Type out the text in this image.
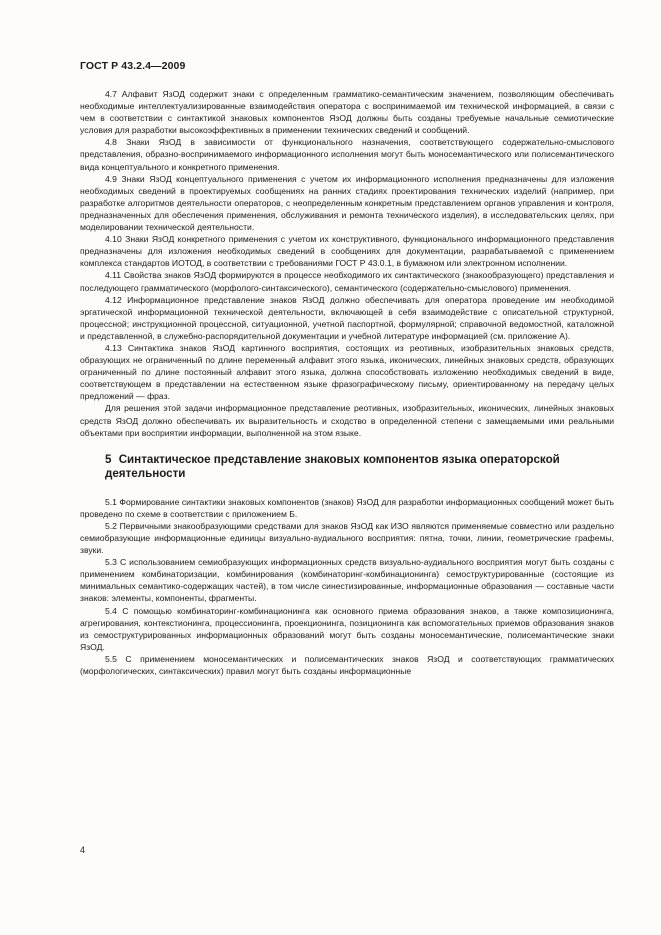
ГОСТ Р 43.2.4—2009

4.7 Алфавит ЯзОД содержит знаки с определенным грамматико-семантическим значением, позволяющим обеспечивать необходимые интеллектуализированные взаимодействия оператора с воспринимаемой им технической информацией, в связи с чем в соответствии с синтактикой знаковых компонентов ЯзОД должны быть созданы требуемые начальные семиотические условия для разработки высокоэффективных в применении технических сведений и сообщений.

4.8 Знаки ЯзОД в зависимости от функционального назначения, соответствующего содержательно-смыслового представления, образно-воспринимаемого информационного исполнения могут быть моносемантического или полисемантического вида концептуального и конкретного применения.

4.9 Знаки ЯзОД концептуального применения с учетом их информационного исполнения предназначены для изложения необходимых сведений в проектируемых сообщениях на ранних стадиях проектирования технических изделий (например, при разработке алгоритмов деятельности операторов, с неопределенным конкретным представлением органов управления и контроля, предназначенных для обеспечения применения, обслуживания и ремонта технического изделия), в исследовательских целях, при моделировании технической деятельности.

4.10 Знаки ЯзОД конкретного применения с учетом их конструктивного, функционального информационного представления предназначены для изложения необходимых сведений в сообщениях для документации, разрабатываемой с применением комплекса стандартов ИОТОД, в соответствии с требованиями ГОСТ Р 43.0.1, в бумажном или электронном исполнении.

4.11 Свойства знаков ЯзОД формируются в процессе необходимого их синтактического (знакообразующего) представления и последующего грамматического (морфолого-синтаксического), семантического (содержательно-смыслового) применения.

4.12 Информационное представление знаков ЯзОД должно обеспечивать для оператора проведение им необходимой эргатической информационной технической деятельности, включающей в себя взаимодействие с описательной структурной, процессной; инструкционной процессной, ситуационной, учетной паспортной, формулярной; справочной ведомостной, каталожной и представленной, в служебно-распорядительной документации и учебной литературе информацией (см. приложение А).

4.13 Синтактика знаков ЯзОД картинного восприятия, состоящих из реотивных, изобразительных знаковых средств, образующих не ограниченный по длине переменный алфавит этого языка, иконических, линейных знаковых средств, образующих ограниченный по длине постоянный алфавит этого языка, должна способствовать изложению необходимых сведений в виде, соответствующем в представлении на естественном языке фразографическому письму, ориентированному на передачу целых предложений — фраз.

Для решения этой задачи информационное представление реотивных, изобразительных, иконических, линейных знаковых средств ЯзОД должно обеспечивать их выразительность и сходство в определенной степени с замещаемыми ими реальными объектами при восприятии информации, выполненной на этом языке.

5 Синтактическое представление знаковых компонентов языка операторской деятельности

5.1 Формирование синтактики знаковых компонентов (знаков) ЯзОД для разработки информационных сообщений может быть проведено по схеме в соответствии с приложением Б.

5.2 Первичными знакообразующими средствами для знаков ЯзОД как ИЗО являются применяемые совместно или раздельно семиобразующие информационные единицы визуально-аудиального восприятия: пятна, точки, линии, геометрические графемы, звуки.

5.3 С использованием семиобразующих информационных средств визуально-аудиального восприятия могут быть созданы с применением комбинаторизации, комбинирования (комбинаторинг-комбинационинга) семоструктурированные (состоящие из минимальных семантико-содержащих частей), в том числе синестизированные, информационные образования — составные части знаков: элементы, компоненты, фрагменты.

5.4 С помощью комбинаторинг-комбинационинга как основного приема образования знаков, а также композиционинга, агрегирования, контекстионинга, процессионинга, проекционинга, позиционинга как вспомогательных приемов образования знаков из семоструктурированных информационных образований могут быть созданы моносемантические, полисемантические знаки ЯзОД.

5.5 С применением моносемантических и полисемантических знаков ЯзОД и соответствующих грамматических (морфологических, синтаксических) правил могут быть созданы информационные

4
